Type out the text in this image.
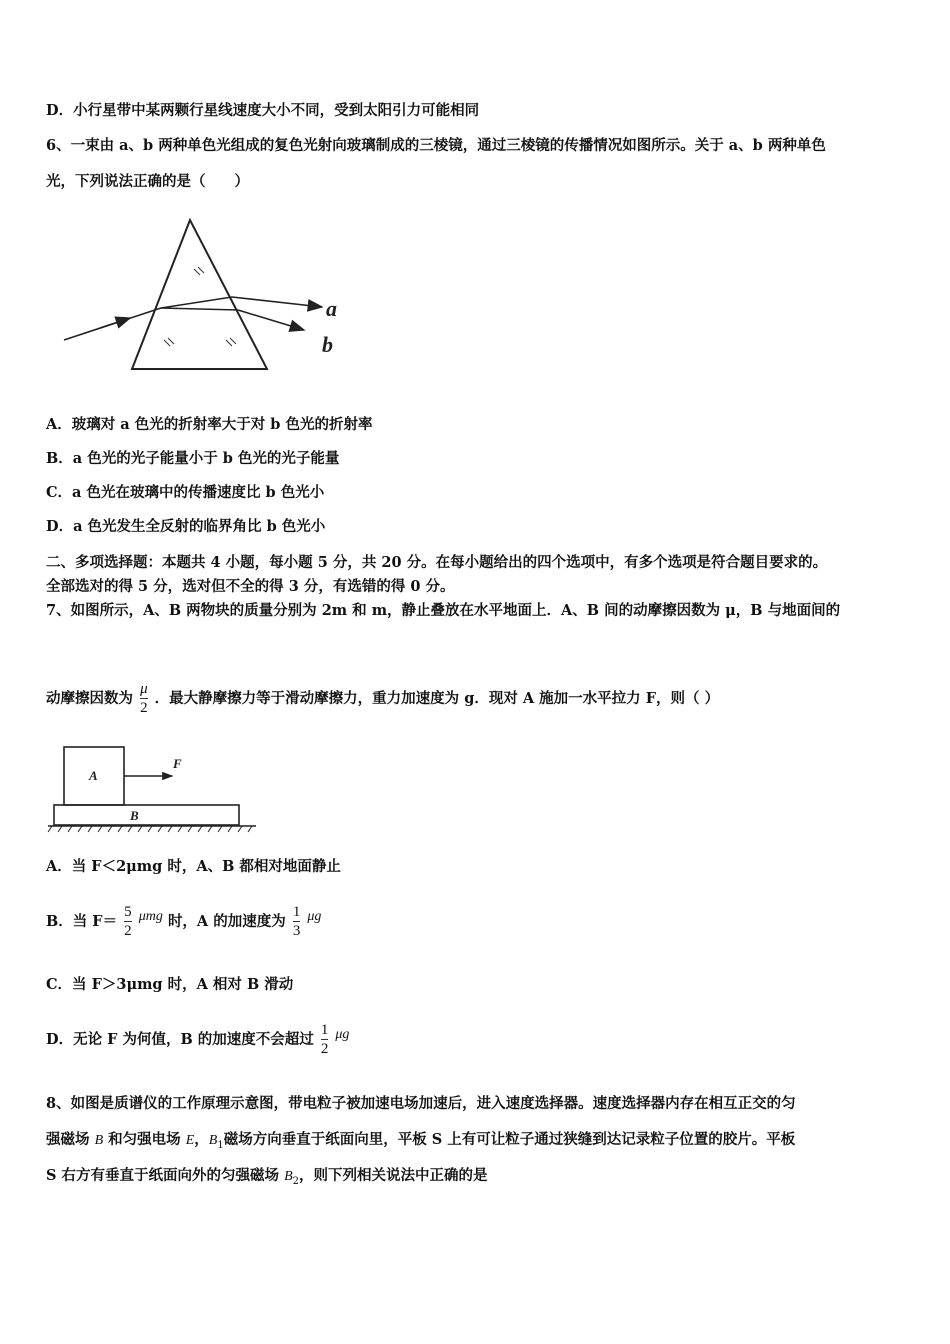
D．小行星带中某两颗行星线速度大小不同，受到太阳引力可能相同
6、一束由 a、b 两种单色光组成的复色光射向玻璃制成的三棱镜，通过三棱镜的传播情况如图所示。关于 a、b 两种单色
光，下列说法正确的是（　　）
a
b
A．玻璃对 a 色光的折射率大于对 b 色光的折射率
B．a 色光的光子能量小于 b 色光的光子能量
C．a 色光在玻璃中的传播速度比 b 色光小
D．a 色光发生全反射的临界角比 b 色光小
二、多项选择题：本题共 4 小题，每小题 5 分，共 20 分。在每小题给出的四个选项中，有多个选项是符合题目要求的。
全部选对的得 5 分，选对但不全的得 3 分，有选错的得 0 分。
7、如图所示，A、B 两物块的质量分别为 2m 和 m，静止叠放在水平地面上．A、B 间的动摩擦因数为 μ，B 与地面间的
动摩擦因数为 $\frac{\mu}{2}$ ．最大静摩擦力等于滑动摩擦力，重力加速度为 g．现对 A 施加一水平拉力 F，则（ ）
A
B
F
A．当 F＜2μmg 时，A、B 都相对地面静止
B．当 $F= \frac{5}{2}$ μmg 时，A 的加速度为 $\frac{1}{3}$ μg
C．当 F＞3μmg 时，A 相对 B 滑动
D．无论 F 为何值，B 的加速度不会超过 $\frac{1}{2}$ μg
8、如图是质谱仪的工作原理示意图，带电粒子被加速电场加速后，进入速度选择器。速度选择器内存在相互正交的匀
强磁场 B 和匀强电场 E，$B_1$磁场方向垂直于纸面向里，平板 S 上有可让粒子通过狭缝到达记录粒子位置的胶片。平板
S 右方有垂直于纸面向外的匀强磁场 $B_2$，则下列相关说法中正确的是
